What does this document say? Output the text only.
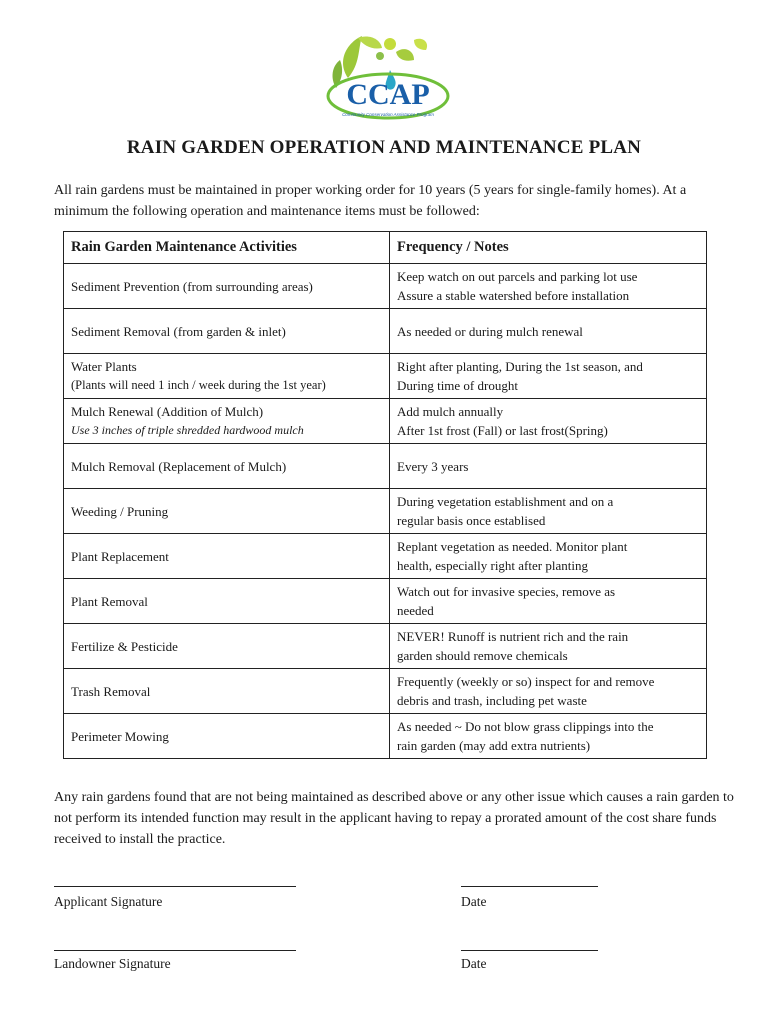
CCAP
Community Conservation Assistance Program
RAIN GARDEN OPERATION AND MAINTENANCE PLAN
All rain gardens must be maintained in proper working order for 10 years (5 years for single-family homes). At a minimum the following operation and maintenance items must be followed:
Rain Garden Maintenance Activities	Frequency / Notes

Sediment Prevention (from surrounding areas)	Keep watch on out parcels and parking lot use
Assure a stable watershed before installation

Sediment Removal (from garden & inlet)	As needed or during mulch renewal

Water Plants
(Plants will need 1 inch / week during the 1st year)	Right after planting, During the 1st season, and
During time of drought

Mulch Renewal (Addition of Mulch)
Use 3 inches of triple shredded hardwood mulch	Add mulch annually
After 1st frost (Fall) or last frost(Spring)

Mulch Removal (Replacement of Mulch)	Every 3 years

Weeding / Pruning	During vegetation establishment and on a
regular basis once establised

Plant Replacement	Replant vegetation as needed. Monitor plant
health, especially right after planting

Plant Removal	Watch out for invasive species, remove as
needed

Fertilize & Pesticide	NEVER! Runoff is nutrient rich and the rain
garden should remove chemicals

Trash Removal	Frequently (weekly or so) inspect for and remove
debris and trash, including pet waste

Perimeter Mowing	As needed ~ Do not blow grass clippings into the
rain garden (may add extra nutrients)
Any rain gardens found that are not being maintained as described above or any other issue which causes a rain garden to not perform its intended function may result in the applicant having to repay a prorated amount of the cost share funds received to install the practice.
Applicant Signature	Date
Landowner Signature	Date
